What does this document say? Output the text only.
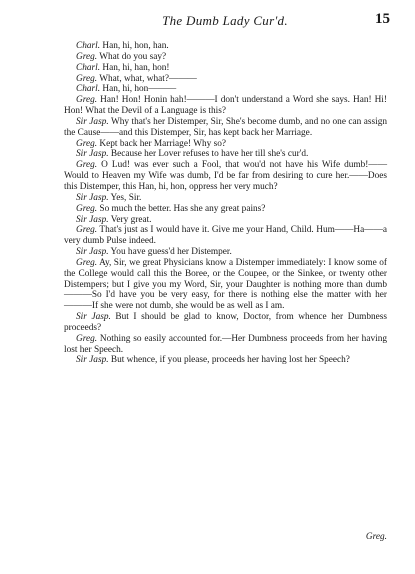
The Dumb Lady Cur'd.	15

Charl. Han, hi, hon, han.

Greg. What do you say?

Charl. Han, hi, han, hon!

Greg. What, what, what?———

Charl. Han, hi, hon———

Greg. Han! Hon! Honin hah!———I don't understand a Word she says. Han! Hi! Hon! What the Devil of a Language is this?

Sir Jasp. Why that's her Distemper, Sir, She's become dumb, and no one can assign the Cause——and this Distemper, Sir, has kept back her Marriage.

Greg. Kept back her Marriage! Why so?

Sir Jasp. Because her Lover refuses to have her till she's cur'd.

Greg. O Lud! was ever such a Fool, that wou'd not have his Wife dumb!——Would to Heaven my Wife was dumb, I'd be far from desiring to cure her.——Does this Distemper, this Han, hi, hon, oppress her very much?

Sir Jasp. Yes, Sir.

Greg. So much the better. Has she any great pains?

Sir Jasp. Very great.

Greg. That's just as I would have it. Give me your Hand, Child. Hum——Ha——a very dumb Pulse indeed.

Sir Jasp. You have guess'd her Distemper.

Greg. Ay, Sir, we great Physicians know a Distemper immediately: I know some of the College would call this the Boree, or the Coupee, or the Sinkee, or twenty other Distempers; but I give you my Word, Sir, your Daughter is nothing more than dumb———So I'd have you be very easy, for there is nothing else the matter with her———If she were not dumb, she would be as well as I am.

Sir Jasp. But I should be glad to know, Doctor, from whence her Dumbness proceeds?

Greg. Nothing so easily accounted for.—Her Dumbness proceeds from her having lost her Speech.

Sir Jasp. But whence, if you please, proceeds her having lost her Speech?

Greg.
